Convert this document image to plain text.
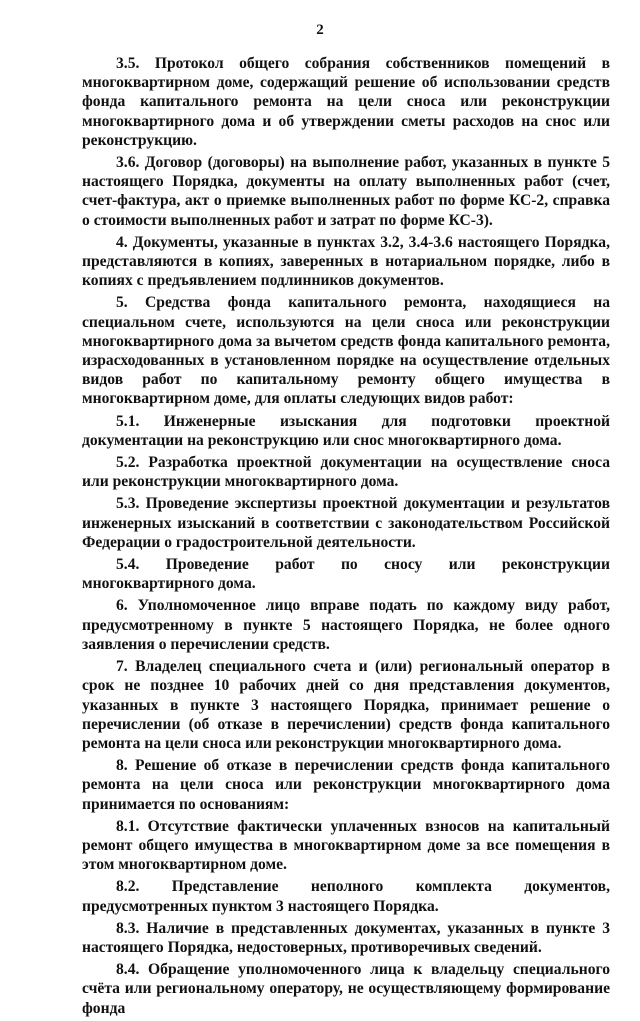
2

3.5. Протокол общего собрания собственников помещений в многоквартирном доме, содержащий решение об использовании средств фонда капитального ремонта на цели сноса или реконструкции многоквартирного дома и об утверждении сметы расходов на снос или реконструкцию.

3.6. Договор (договоры) на выполнение работ, указанных в пункте 5 настоящего Порядка, документы на оплату выполненных работ (счет, счет-фактура, акт о приемке выполненных работ по форме КС-2, справка о стоимости выполненных работ и затрат по форме КС-3).

4. Документы, указанные в пунктах 3.2, 3.4-3.6 настоящего Порядка, представляются в копиях, заверенных в нотариальном порядке, либо в копиях с предъявлением подлинников документов.

5. Средства фонда капитального ремонта, находящиеся на специальном счете, используются на цели сноса или реконструкции многоквартирного дома за вычетом средств фонда капитального ремонта, израсходованных в установленном порядке на осуществление отдельных видов работ по капитальному ремонту общего имущества в многоквартирном доме, для оплаты следующих видов работ:

5.1. Инженерные изыскания для подготовки проектной документации на реконструкцию или снос многоквартирного дома.

5.2. Разработка проектной документации на осуществление сноса или реконструкции многоквартирного дома.

5.3. Проведение экспертизы проектной документации и результатов инженерных изысканий в соответствии с законодательством Российской Федерации о градостроительной деятельности.

5.4. Проведение работ по сносу или реконструкции многоквартирного дома.

6. Уполномоченное лицо вправе подать по каждому виду работ, предусмотренному в пункте 5 настоящего Порядка, не более одного заявления о перечислении средств.

7. Владелец специального счета и (или) региональный оператор в срок не позднее 10 рабочих дней со дня представления документов, указанных в пункте 3 настоящего Порядка, принимает решение о перечислении (об отказе в перечислении) средств фонда капитального ремонта на цели сноса или реконструкции многоквартирного дома.

8. Решение об отказе в перечислении средств фонда капитального ремонта на цели сноса или реконструкции многоквартирного дома принимается по основаниям:

8.1. Отсутствие фактически уплаченных взносов на капитальный ремонт общего имущества в многоквартирном доме за все помещения в этом многоквартирном доме.

8.2. Представление неполного комплекта документов, предусмотренных пунктом 3 настоящего Порядка.

8.3. Наличие в представленных документах, указанных в пункте 3 настоящего Порядка, недостоверных, противоречивых сведений.

8.4. Обращение уполномоченного лица к владельцу специального счёта или региональному оператору, не осуществляющему формирование фонда
